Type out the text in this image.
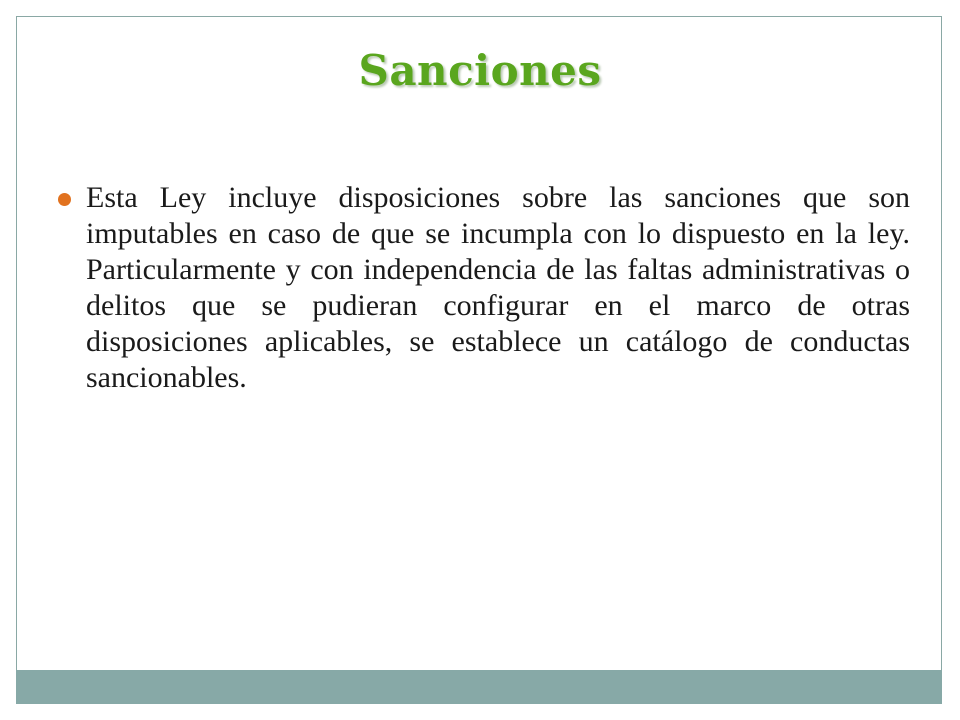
Sanciones

Esta Ley incluye disposiciones sobre las sanciones que son imputables en caso de que se incumpla con lo dispuesto en la ley. Particularmente y con independencia de las faltas administrativas o delitos que se pudieran configurar en el marco de otras disposiciones aplicables, se establece un catálogo de conductas sancionables.
